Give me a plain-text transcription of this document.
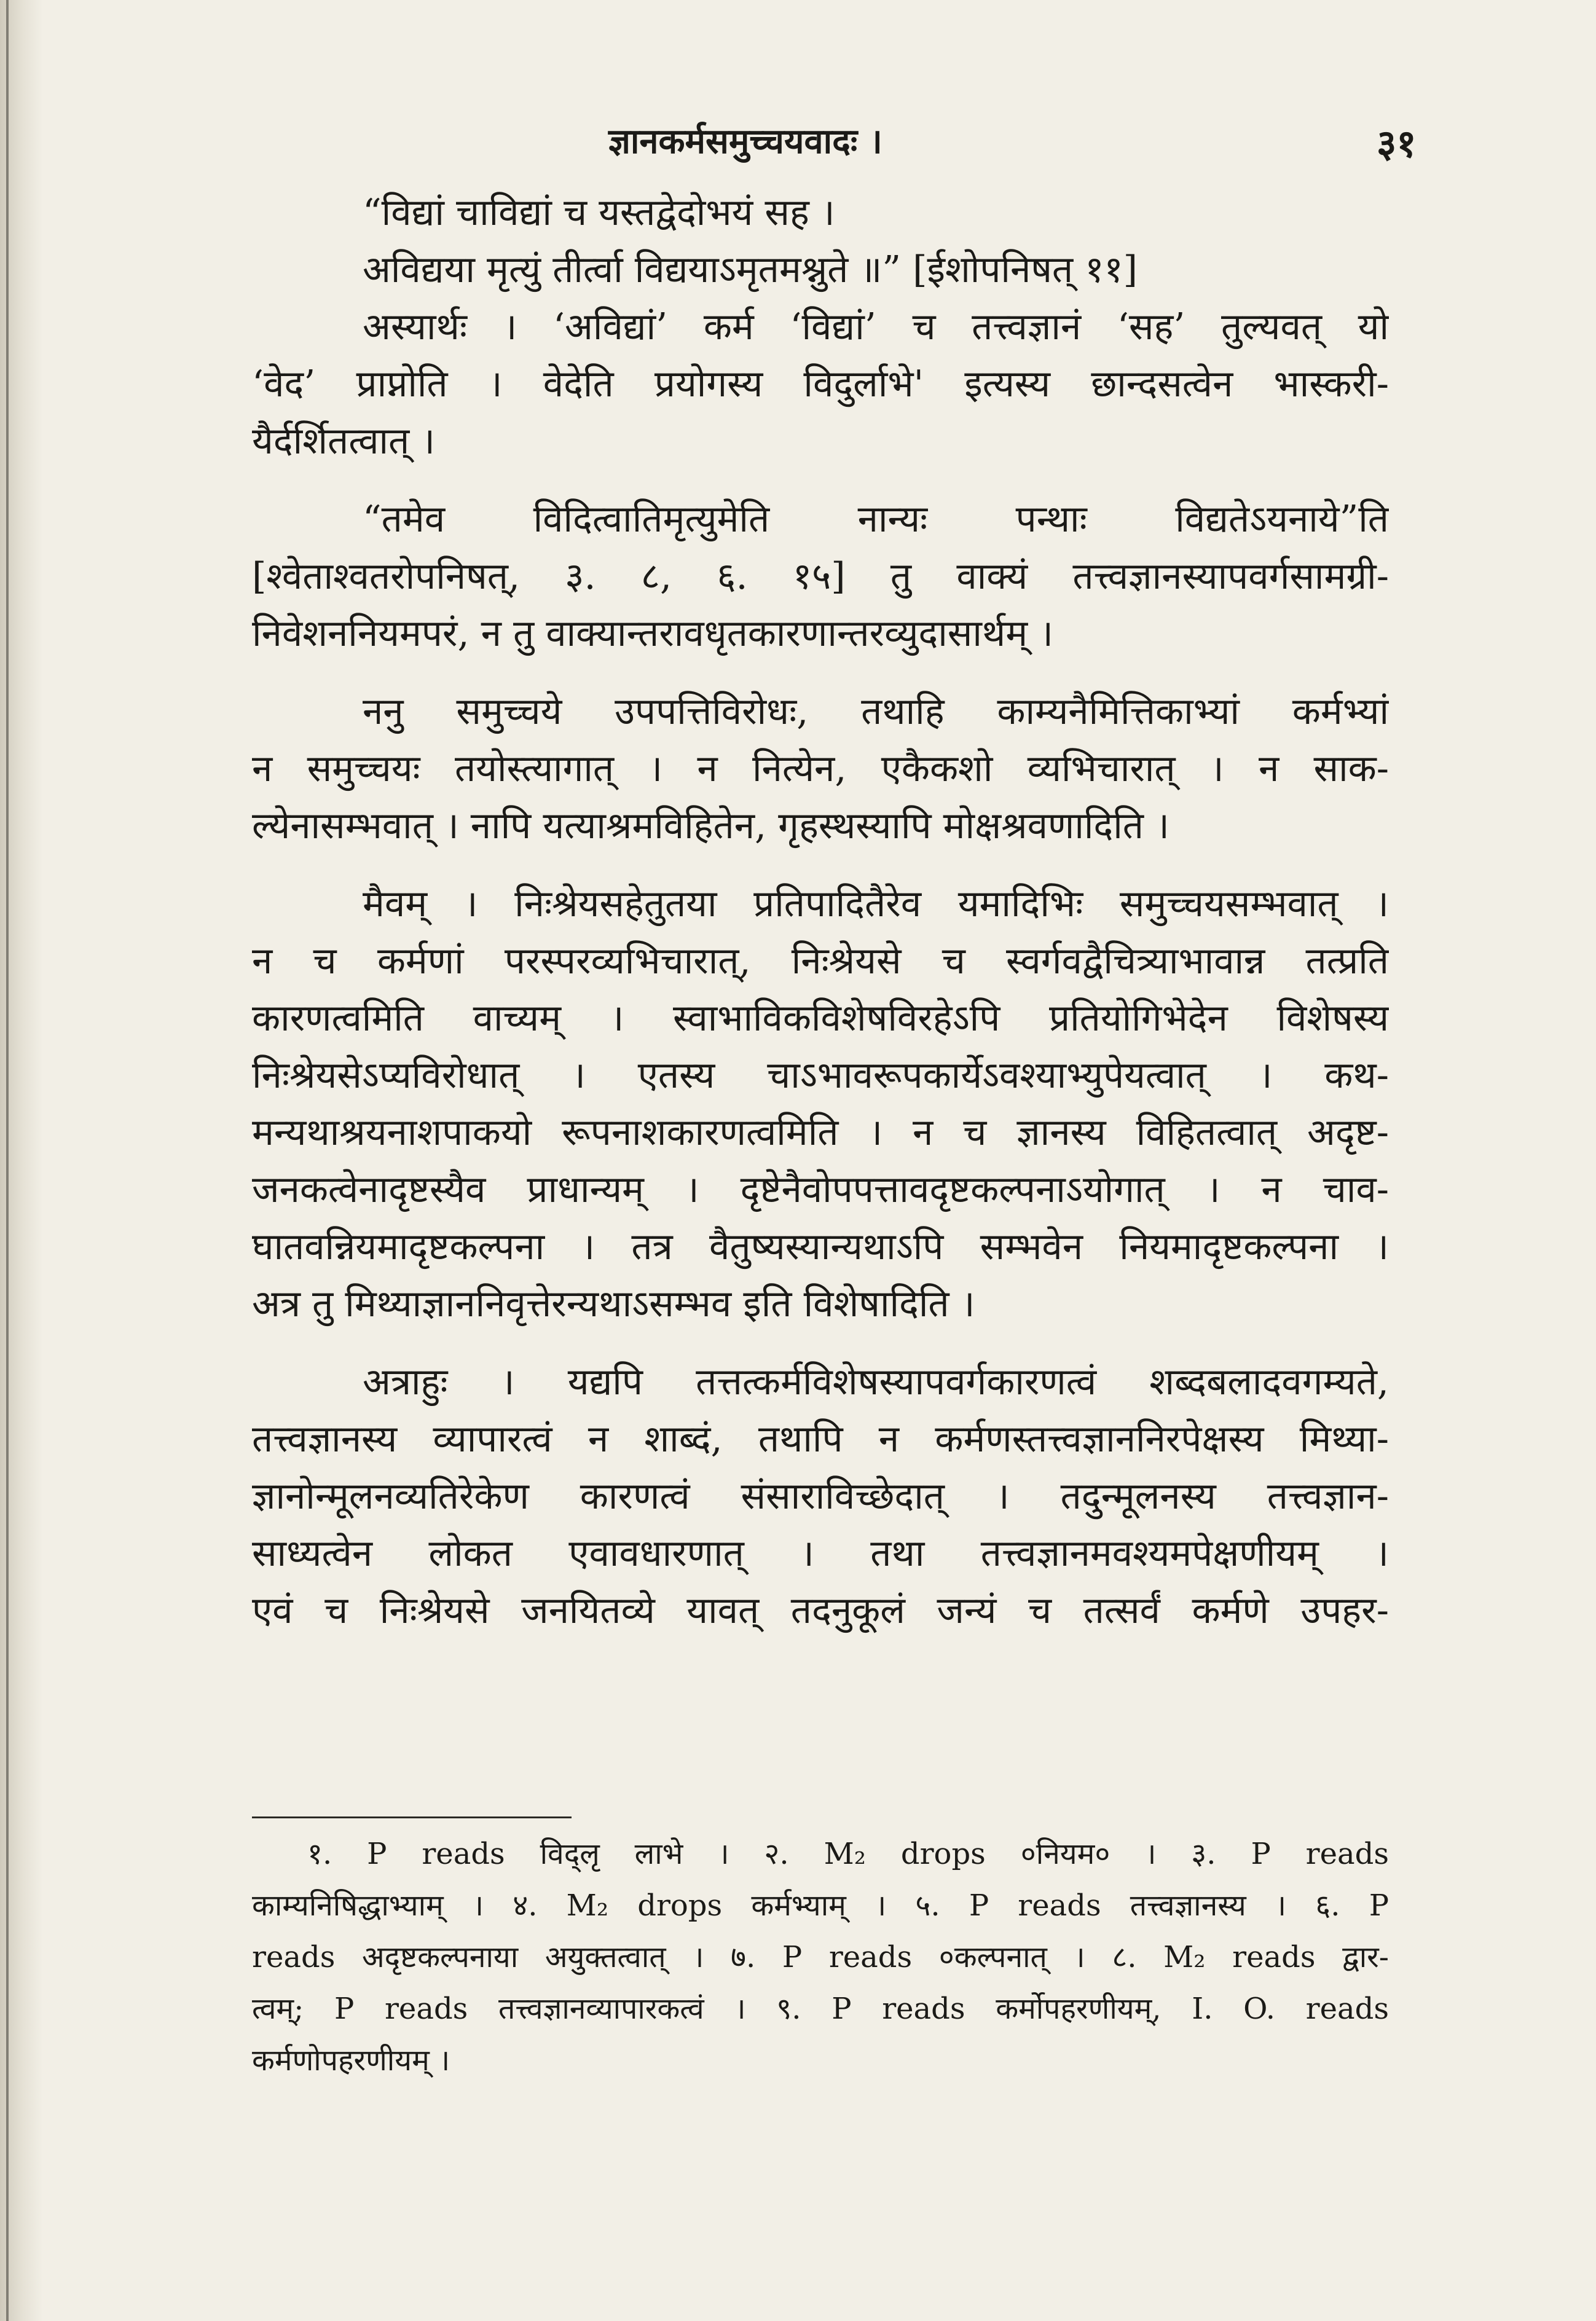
ज्ञानकर्मसमुच्चयवादः ।	३१
“विद्यां चाविद्यां च यस्तद्वेदोभयं सह ।
अविद्यया मृत्युं तीर्त्वा विद्ययाऽमृतमश्नुते ॥” [ईशोपनिषत् ११]
अस्यार्थः । ‘अविद्यां’ कर्म ‘विद्यां’ च तत्त्वज्ञानं ‘सह’ तुल्यवत् यो
‘वेद’ प्राप्नोति । वेदेति प्रयोगस्य विदुर्लाभे' इत्यस्य छान्दसत्वेन भास्करी-
यैर्दर्शितत्वात् ।
“तमेव विदित्वातिमृत्युमेति नान्यः पन्थाः विद्यतेऽयनाये”ति
[श्वेताश्वतरोपनिषत्, ३. ८, ६. १५] तु वाक्यं तत्त्वज्ञानस्यापवर्गसामग्री-
निवेशननियमपरं, न तु वाक्यान्तरावधृतकारणान्तरव्युदासार्थम् ।
ननु समुच्चये उपपत्तिविरोधः, तथाहि काम्यनैमित्तिकाभ्यां कर्मभ्यां
न समुच्चयः तयोस्त्यागात् । न नित्येन, एकैकशो व्यभिचारात् । न साक-
ल्येनासम्भवात् । नापि यत्याश्रमविहितेन, गृहस्थस्यापि मोक्षश्रवणादिति ।
मैवम् । निःश्रेयसहेतुतया प्रतिपादितैरेव यमादिभिः समुच्चयसम्भवात् ।
न च कर्मणां परस्परव्यभिचारात्, निःश्रेयसे च स्वर्गवद्वैचित्र्याभावान्न तत्प्रति
कारणत्वमिति वाच्यम् । स्वाभाविकविशेषविरहेऽपि प्रतियोगिभेदेन विशेषस्य
निःश्रेयसेऽप्यविरोधात् । एतस्य चाऽभावरूपकार्येऽवश्याभ्युपेयत्वात् । कथ-
मन्यथाश्रयनाशपाकयो रूपनाशकारणत्वमिति । न च ज्ञानस्य विहितत्वात् अदृष्ट-
जनकत्वेनादृष्टस्यैव प्राधान्यम् । दृष्टेनैवोपपत्तावदृष्टकल्पनाऽयोगात् । न चाव-
घातवन्नियमादृष्टकल्पना । तत्र वैतुष्यस्यान्यथाऽपि सम्भवेन नियमादृष्टकल्पना ।
अत्र तु मिथ्याज्ञाननिवृत्तेरन्यथाऽसम्भव इति विशेषादिति ।
अत्राहुः । यद्यपि तत्तत्कर्मविशेषस्यापवर्गकारणत्वं शब्दबलादवगम्यते,
तत्त्वज्ञानस्य व्यापारत्वं न शाब्दं, तथापि न कर्मणस्तत्त्वज्ञाननिरपेक्षस्य मिथ्या-
ज्ञानोन्मूलनव्यतिरेकेण कारणत्वं संसाराविच्छेदात् । तदुन्मूलनस्य तत्त्वज्ञान-
साध्यत्वेन लोकत एवावधारणात् । तथा तत्त्वज्ञानमवश्यमपेक्षणीयम् ।
एवं च निःश्रेयसे जनयितव्ये यावत् तदनुकूलं जन्यं च तत्सर्वं कर्मणे उपहर-
१. P reads विद्लृ लाभे । २. M₂ drops ०नियम० । ३. P reads
काम्यनिषिद्धाभ्याम् । ४. M₂ drops कर्मभ्याम् । ५. P reads तत्त्वज्ञानस्य । ६. P
reads अदृष्टकल्पनाया अयुक्तत्वात् । ७. P reads ०कल्पनात् । ८. M₂ reads द्वार-
त्वम्; P reads तत्त्वज्ञानव्यापारकत्वं । ९. P reads कर्मोपहरणीयम्, I. O. reads
कर्मणोपहरणीयम् ।
